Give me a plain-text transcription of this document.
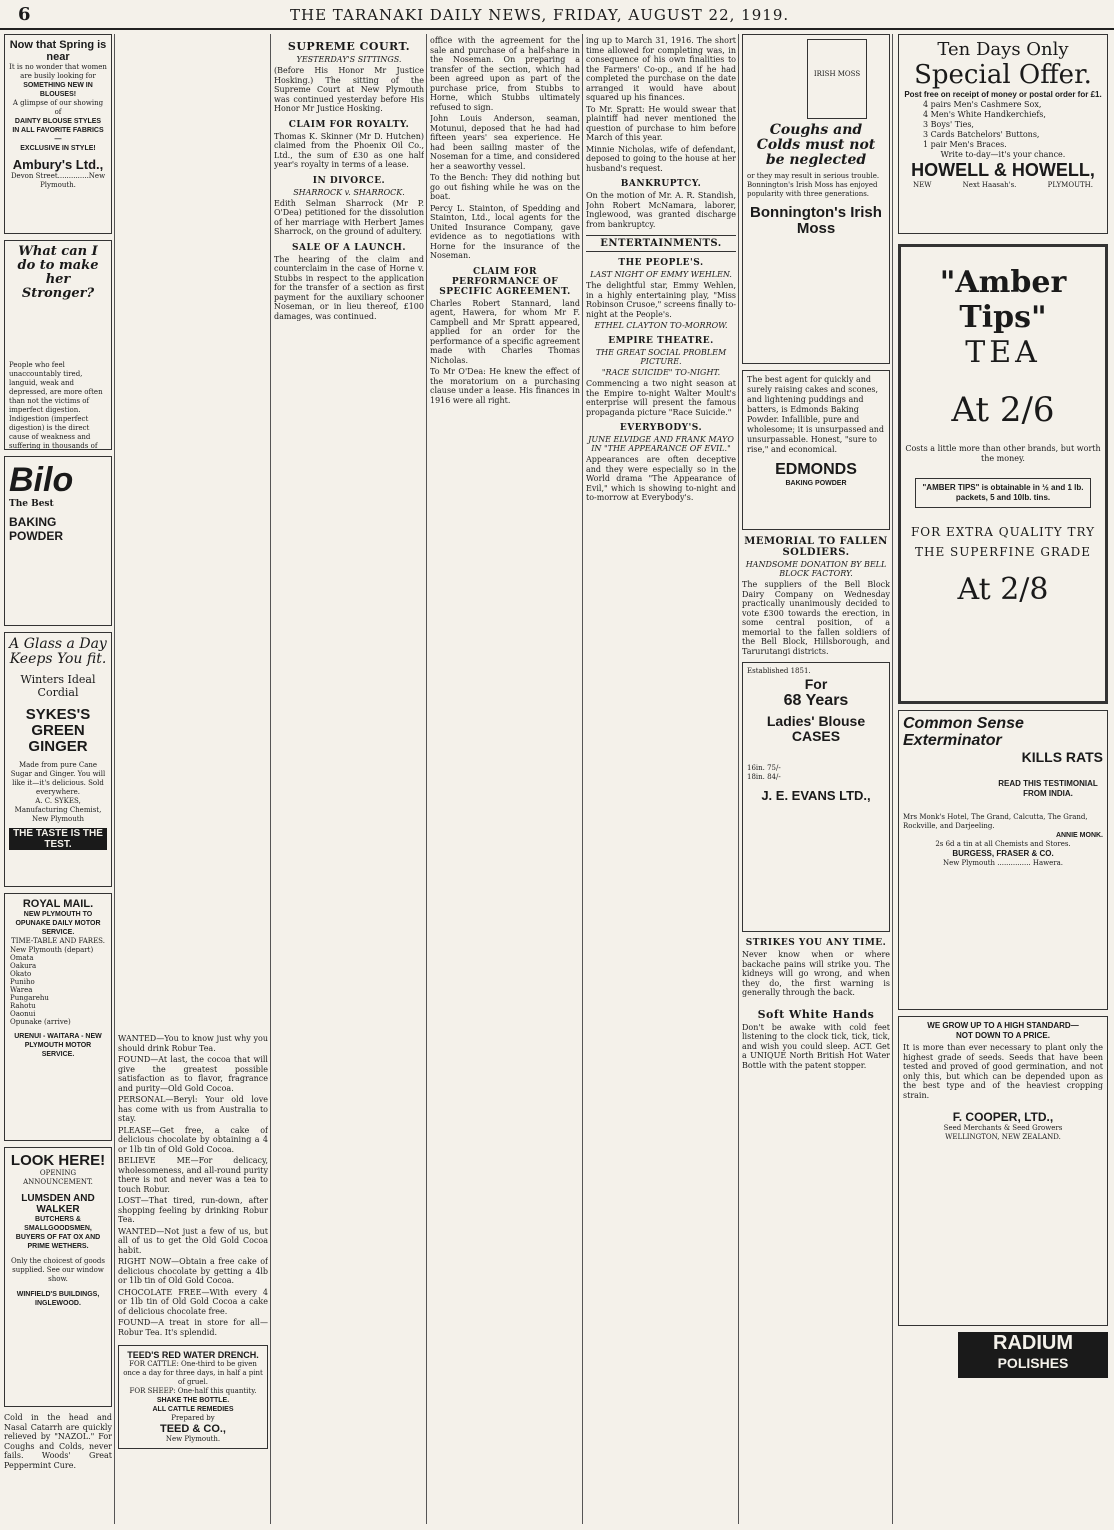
6	THE TARANAKI DAILY NEWS, FRIDAY, AUGUST 22, 1919.
Now that Spring is near
It is no wonder that women are busily looking for
SOMETHING NEW IN BLOUSES!
A glimpse of our showing of
DAINTY BLOUSE STYLES
IN ALL FAVORITE FABRICS—
EXCLUSIVE IN STYLE!
Ambury's Ltd.,
Devon Street..............New Plymouth.
What can I do to make her Stronger?
People who feel unaccountably tired, languid, weak and depressed, are more often than not the victims of imperfect digestion. Indigestion (imperfect digestion) is the direct cause of weakness and suffering in thousands of
Bilo
The Best
BAKING POWDER
A Glass a Day Keeps You fit.
Winters Ideal Cordial
SYKES'S GREEN GINGER
Made from pure Cane Sugar and Ginger. You will like it—it's delicious. Sold everywhere.
A. C. SYKES, Manufacturing Chemist, New Plymouth
THE TASTE IS THE TEST.
ROYAL MAIL.
NEW PLYMOUTH TO OPUNAKE DAILY MOTOR SERVICE.
TIME-TABLE AND FARES.
New Plymouth (depart)
Omata
Oakura
Okato
Puniho
Warea
Pungarehu
Rahotu
Oaonui
Opunake (arrive)
URENUI - WAITARA - NEW PLYMOUTH MOTOR SERVICE.
LOOK HERE!
OPENING ANNOUNCEMENT.
LUMSDEN AND WALKER
BUTCHERS & SMALLGOODSMEN,
BUYERS OF FAT OX AND PRIME WETHERS.
Only the choicest of goods supplied. See our window show.
WINFIELD'S BUILDINGS, INGLEWOOD.
Cold in the head and Nasal Catarrh are quickly relieved by "NAZOL." For Coughs and Colds, never fails. Woods' Great Peppermint Cure.
WANTED—You to know just why you should drink Robur Tea.
FOUND—At last, the cocoa that will give the greatest possible satisfaction as to flavor, fragrance and purity—Old Gold Cocoa.
PERSONAL—Beryl: Your old love has come with us from Australia to stay.
PLEASE—Get free, a cake of delicious chocolate by obtaining a 4 or 1lb tin of Old Gold Cocoa.
BELIEVE ME—For delicacy, wholesomeness, and all-round purity there is not and never was a tea to touch Robur.
LOST—That tired, run-down, after shopping feeling by drinking Robur Tea.
WANTED—Not just a few of us, but all of us to get the Old Gold Cocoa habit.
RIGHT NOW—Obtain a free cake of delicious chocolate by getting a 4lb or 1lb tin of Old Gold Cocoa.
CHOCOLATE FREE—With every 4 or 1lb tin of Old Gold Cocoa a cake of delicious chocolate free.
FOUND—A treat in store for all—Robur Tea. It's splendid.
TEED'S RED WATER DRENCH.
FOR CATTLE: One-third to be given once a day for three days, in half a pint of gruel.
FOR SHEEP: One-half this quantity.
SHAKE THE BOTTLE.
ALL CATTLE REMEDIES
Prepared by
TEED & CO.,
New Plymouth.
SUPREME COURT.
YESTERDAY'S SITTINGS.
(Before His Honor Mr Justice Hosking.) The sitting of the Supreme Court at New Plymouth was continued yesterday before His Honor Mr Justice Hosking.
CLAIM FOR ROYALTY.
Thomas K. Skinner (Mr D. Hutchen) claimed from the Phoenix Oil Co., Ltd., the sum of £30 as one half year's royalty in terms of a lease.
IN DIVORCE.
SHARROCK v. SHARROCK.
Edith Selman Sharrock (Mr P. O'Dea) petitioned for the dissolution of her marriage with Herbert James Sharrock, on the ground of adultery.
SALE OF A LAUNCH.
The hearing of the claim and counterclaim in the case of Horne v. Stubbs in respect to the application for the transfer of a section as first payment for the auxiliary schooner Noseman, or in lieu thereof, £100 damages, was continued.
office with the agreement for the sale and purchase of a half-share in the Noseman. On preparing a transfer of the section, which had been agreed upon as part of the purchase price, from Stubbs to Horne, which Stubbs ultimately refused to sign.
John Louis Anderson, seaman, Motunui, deposed that he had had fifteen years' sea experience. He had been sailing master of the Noseman for a time, and considered her a seaworthy vessel.
To the Bench: They did nothing but go out fishing while he was on the boat.
Percy L. Stainton, of Spedding and Stainton, Ltd., local agents for the United Insurance Company, gave evidence as to negotiations with Horne for the insurance of the Noseman.
CLAIM FOR PERFORMANCE OF SPECIFIC AGREEMENT.
Charles Robert Stannard, land agent, Hawera, for whom Mr F. Campbell and Mr Spratt appeared, applied for an order for the performance of a specific agreement made with Charles Thomas Nicholas.
To Mr O'Dea: He knew the effect of the moratorium on a purchasing clause under a lease. His finances in 1916 were all right.
ing up to March 31, 1916. The short time allowed for completing was, in consequence of his own finalities to the Farmers' Co-op., and if he had completed the purchase on the date arranged it would have about squared up his finances.
To Mr. Spratt: He would swear that plaintiff had never mentioned the question of purchase to him before March of this year.
Minnie Nicholas, wife of defendant, deposed to going to the house at her husband's request.
BANKRUPTCY.
On the motion of Mr. A. R. Standish, John Robert McNamara, laborer, Inglewood, was granted discharge from bankruptcy.
ENTERTAINMENTS.
THE PEOPLE'S.
LAST NIGHT OF EMMY WEHLEN.
The delightful star, Emmy Wehlen, in a highly entertaining play, "Miss Robinson Crusoe," screens finally to-night at the People's.
ETHEL CLAYTON TO-MORROW.
EMPIRE THEATRE.
THE GREAT SOCIAL PROBLEM PICTURE.
"RACE SUICIDE" TO-NIGHT.
Commencing a two night season at the Empire to-night Walter Moult's enterprise will present the famous propaganda picture "Race Suicide."
EVERYBODY'S.
JUNE ELVIDGE AND FRANK MAYO IN "THE APPEARANCE OF EVIL."
Appearances are often deceptive and they were especially so in the World drama "The Appearance of Evil," which is showing to-night and to-morrow at Everybody's.
IRISH MOSS
Coughs and Colds must not be neglected
or they may result in serious trouble. Bonnington's Irish Moss has enjoyed popularity with three generations.
Bonnington's Irish Moss
The best agent for quickly and surely raising cakes and scones, and lightening puddings and batters, is Edmonds Baking Powder. Infallible, pure and wholesome; it is unsurpassed and unsurpassable. Honest, "sure to rise," and economical.
EDMONDS
BAKING POWDER
MEMORIAL TO FALLEN SOLDIERS.
HANDSOME DONATION BY BELL BLOCK FACTORY.
The suppliers of the Bell Block Dairy Company on Wednesday practically unanimously decided to vote £300 towards the erection, in some central position, of a memorial to the fallen soldiers of the Bell Block, Hillsborough, and Tarurutangi districts.
Established 1851.
For
68 Years
Ladies' Blouse CASES
16in. 75/-
18in. 84/-
J. E. EVANS LTD.,
STRIKES YOU ANY TIME.
Never know when or where backache pains will strike you. The kidneys will go wrong, and when they do, the first warning is generally through the back.
Soft White Hands
Don't be awake with cold feet listening to the clock tick, tick, tick, and wish you could sleep. ACT. Get a UNIQUE North British Hot Water Bottle with the patent stopper.
Ten Days Only
Special Offer.
Post free on receipt of money or postal order for £1.
4 pairs Men's Cashmere Sox,
4 Men's White Handkerchiefs,
3 Boys' Ties,
3 Cards Batchelors' Buttons,
1 pair Men's Braces.
Write to-day—it's your chance.
HOWELL & HOWELL,
NEW	Next Haasah's.	PLYMOUTH.
"Amber Tips"
TEA
At 2/6
Costs a little more than other brands, but worth the money.
"AMBER TIPS" is obtainable in ½ and 1 lb. packets, 5 and 10lb. tins.
FOR EXTRA QUALITY TRY THE SUPERFINE GRADE
At 2/8
Common Sense Exterminator
KILLS RATS
READ THIS TESTIMONIAL FROM INDIA.
Mrs Monk's Hotel, The Grand, Calcutta, The Grand, Rockville, and Darjeeling.
ANNIE MONK.
2s 6d a tin at all Chemists and Stores.
BURGESS, FRASER & CO.
New Plymouth ............... Hawera.
WE GROW UP TO A HIGH STANDARD—
NOT DOWN TO A PRICE.
It is more than ever necessary to plant only the highest grade of seeds. Seeds that have been tested and proved of good germination, and not only this, but which can be depended upon as the best type and of the heaviest cropping strain.
F. COOPER, LTD.,
Seed Merchants & Seed Growers
WELLINGTON, NEW ZEALAND.
RADIUM
POLISHES
